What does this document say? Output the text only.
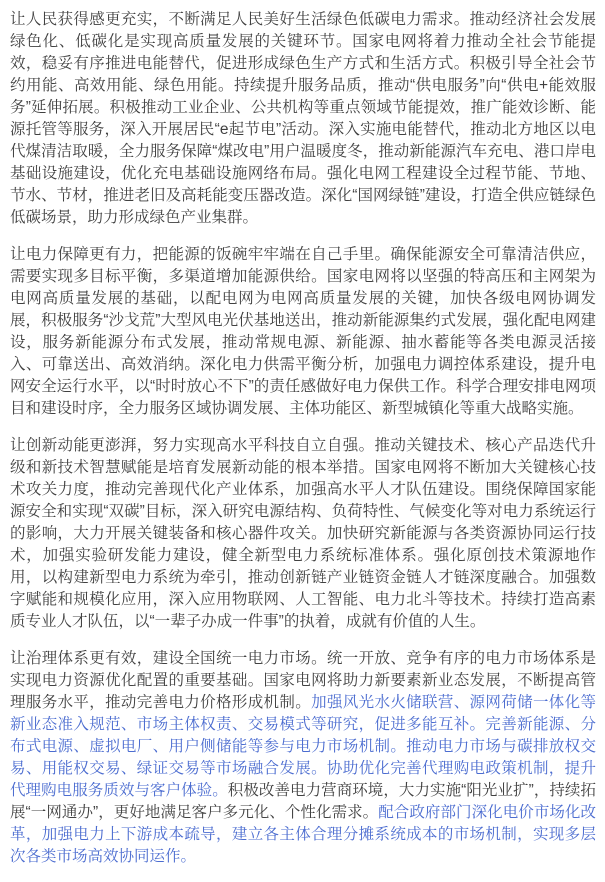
让人民获得感更充实，不断满足人民美好生活绿色低碳电力需求。推动经济社会发展绿色化、低碳化是实现高质量发展的关键环节。国家电网将着力推动全社会节能提效，稳妥有序推进电能替代，促进形成绿色生产方式和生活方式。积极引导全社会节约用能、高效用能、绿色用能。持续提升服务品质，推动“供电服务”向“供电+能效服务”延伸拓展。积极推动工业企业、公共机构等重点领域节能提效，推广能效诊断、能源托管等服务，深入开展居民“e起节电”活动。深入实施电能替代，推动北方地区以电代煤清洁取暖，全力服务保障“煤改电”用户温暖度冬，推动新能源汽车充电、港口岸电基础设施建设，优化充电基础设施网络布局。强化电网工程建设全过程节能、节地、节水、节材，推进老旧及高耗能变压器改造。深化“国网绿链”建设，打造全供应链绿色低碳场景，助力形成绿色产业集群。

让电力保障更有力，把能源的饭碗牢牢端在自己手里。确保能源安全可靠清洁供应，需要实现多目标平衡，多渠道增加能源供给。国家电网将以坚强的特高压和主网架为电网高质量发展的基础，以配电网为电网高质量发展的关键，加快各级电网协调发展，积极服务“沙戈荒”大型风电光伏基地送出，推动新能源集约式发展，强化配电网建设，服务新能源分布式发展，推动常规电源、新能源、抽水蓄能等各类电源灵活接入、可靠送出、高效消纳。深化电力供需平衡分析，加强电力调控体系建设，提升电网安全运行水平，以“时时放心不下”的责任感做好电力保供工作。科学合理安排电网项目和建设时序，全力服务区域协调发展、主体功能区、新型城镇化等重大战略实施。

让创新动能更澎湃，努力实现高水平科技自立自强。推动关键技术、核心产品迭代升级和新技术智慧赋能是培育发展新动能的根本举措。国家电网将不断加大关键核心技术攻关力度，推动完善现代化产业体系，加强高水平人才队伍建设。围绕保障国家能源安全和实现“双碳”目标，深入研究电源结构、负荷特性、气候变化等对电力系统运行的影响，大力开展关键装备和核心器件攻关。加快研究新能源与各类资源协同运行技术，加强实验研发能力建设，健全新型电力系统标准体系。强化原创技术策源地作用，以构建新型电力系统为牵引，推动创新链产业链资金链人才链深度融合。加强数字赋能和规模化应用，深入应用物联网、人工智能、电力北斗等技术。持续打造高素质专业人才队伍，以“一辈子办成一件事”的执着，成就有价值的人生。

让治理体系更有效，建设全国统一电力市场。统一开放、竞争有序的电力市场体系是实现电力资源优化配置的重要基础。国家电网将助力新要素新业态发展，不断提高管理服务水平，推动完善电力价格形成机制。加强风光水火储联营、源网荷储一体化等新业态准入规范、市场主体权责、交易模式等研究，促进多能互补。完善新能源、分布式电源、虚拟电厂、用户侧储能等参与电力市场机制。推动电力市场与碳排放权交易、用能权交易、绿证交易等市场融合发展。协助优化完善代理购电政策机制，提升代理购电服务质效与客户体验。积极改善电力营商环境，大力实施“阳光业扩”，持续拓展“一网通办”，更好地满足客户多元化、个性化需求。配合政府部门深化电价市场化改革，加强电力上下游成本疏导，建立各主体合理分摊系统成本的市场机制，实现多层次各类市场高效协同运作。
